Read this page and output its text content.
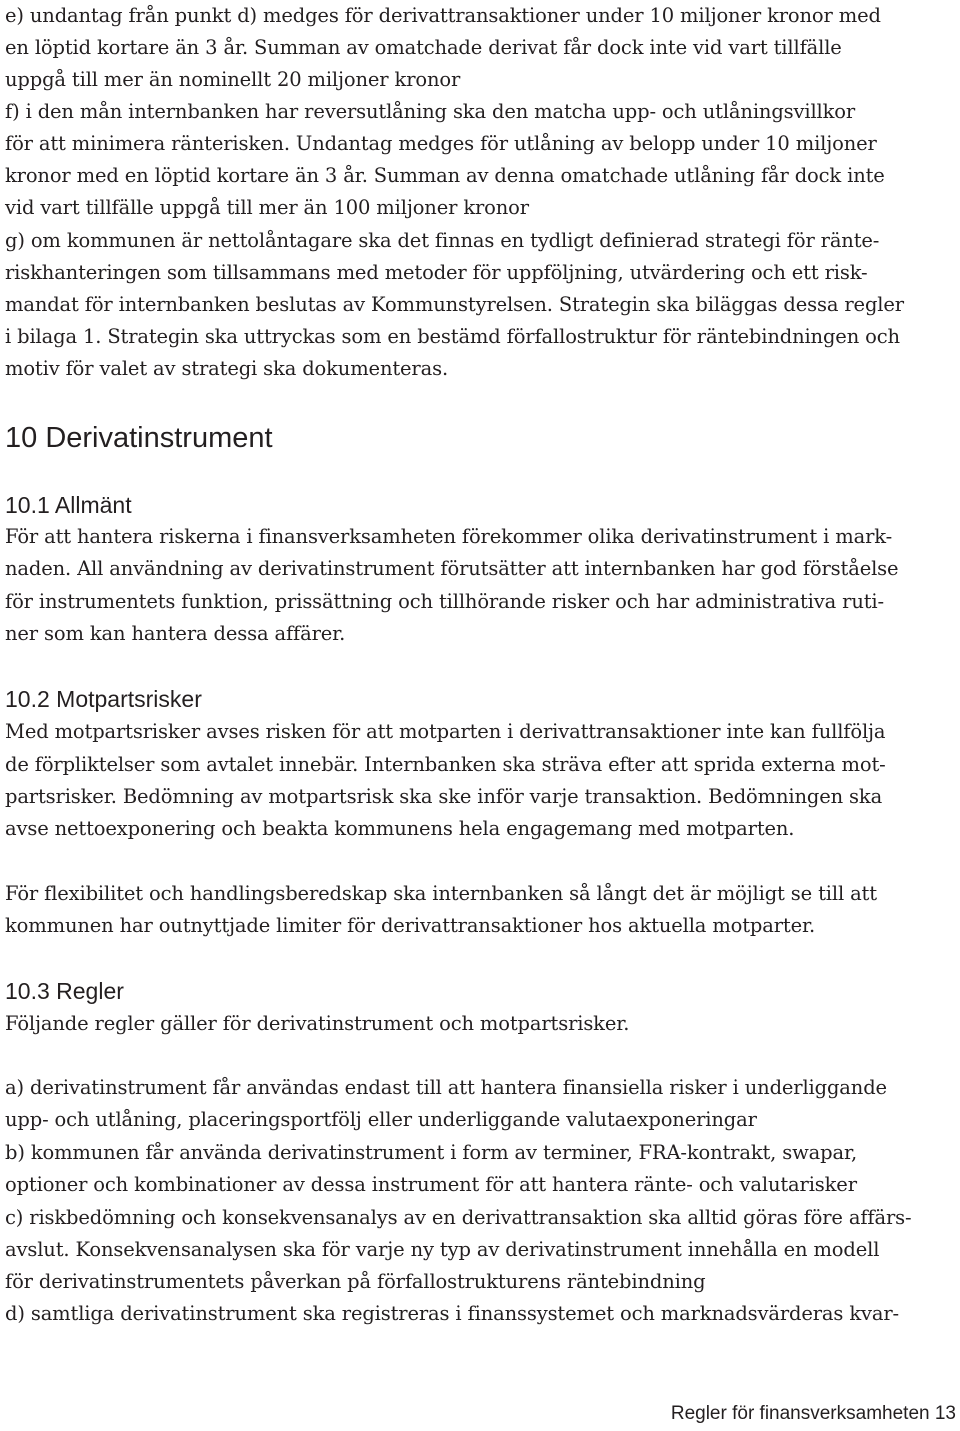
e) undantag från punkt d) medges för derivattransaktioner under 10 miljoner kronor med
en löptid kortare än 3 år. Summan av omatchade derivat får dock inte vid vart tillfälle
uppgå till mer än nominellt 20 miljoner kronor
f) i den mån internbanken har reversutlåning ska den matcha upp- och utlåningsvillkor
för att minimera ränterisken. Undantag medges för utlåning av belopp under 10 miljoner
kronor med en löptid kortare än 3 år. Summan av denna omatchade utlåning får dock inte
vid vart tillfälle uppgå till mer än 100 miljoner kronor
g) om kommunen är nettolåntagare ska det finnas en tydligt definierad strategi för ränte-
riskhanteringen som tillsammans med metoder för uppföljning, utvärdering och ett risk-
mandat för internbanken beslutas av Kommunstyrelsen. Strategin ska biläggas dessa regler
i bilaga 1. Strategin ska uttryckas som en bestämd förfallostruktur för räntebindningen och
motiv för valet av strategi ska dokumenteras.
10 Derivatinstrument
10.1 Allmänt
För att hantera riskerna i finansverksamheten förekommer olika derivatinstrument i mark-
naden. All användning av derivatinstrument förutsätter att internbanken har god förståelse
för instrumentets funktion, prissättning och tillhörande risker och har administrativa ruti-
ner som kan hantera dessa affärer.
10.2 Motpartsrisker
Med motpartsrisker avses risken för att motparten i derivattransaktioner inte kan fullfölja
de förpliktelser som avtalet innebär. Internbanken ska sträva efter att sprida externa mot-
partsrisker. Bedömning av motpartsrisk ska ske inför varje transaktion. Bedömningen ska
avse nettoexponering och beakta kommunens hela engagemang med motparten.
För flexibilitet och handlingsberedskap ska internbanken så långt det är möjligt se till att
kommunen har outnyttjade limiter för derivattransaktioner hos aktuella motparter.
10.3 Regler
Följande regler gäller för derivatinstrument och motpartsrisker.
a) derivatinstrument får användas endast till att hantera finansiella risker i underliggande
upp- och utlåning, placeringsportfölj eller underliggande valutaexponeringar
b) kommunen får använda derivatinstrument i form av terminer, FRA-kontrakt, swapar,
optioner och kombinationer av dessa instrument för att hantera ränte- och valutarisker
c) riskbedömning och konsekvensanalys av en derivattransaktion ska alltid göras före affärs-
avslut. Konsekvensanalysen ska för varje ny typ av derivatinstrument innehålla en modell
för derivatinstrumentets påverkan på förfallostrukturens räntebindning
d) samtliga derivatinstrument ska registreras i finanssystemet och marknadsvärderas kvar-
Regler för finansverksamheten 13
